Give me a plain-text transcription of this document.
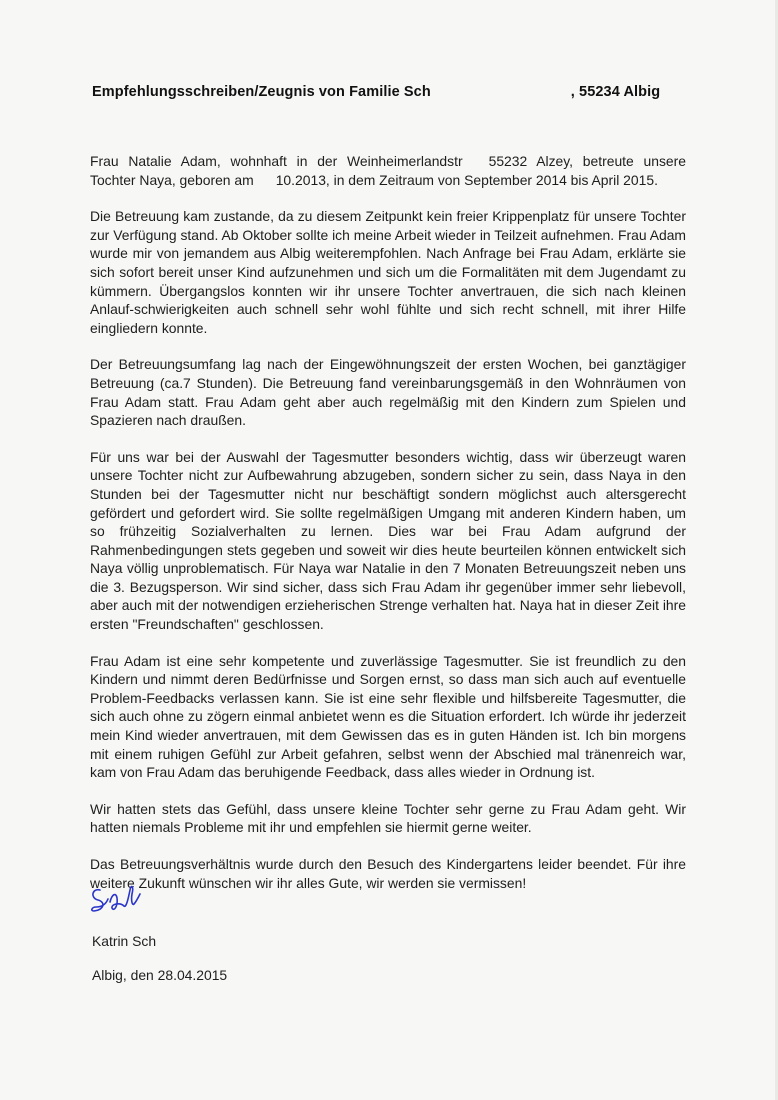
Empfehlungsschreiben/Zeugnis von Familie Sch	, 55234 Albig

Frau Natalie Adam, wohnhaft in der Weinheimerlandstr 55232 Alzey, betreute unsere
Tochter Naya, geboren am 10.2013, in dem Zeitraum von September 2014 bis April 2015.

Die Betreuung kam zustande, da zu diesem Zeitpunkt kein freier Krippenplatz für unsere Tochter zur Verfügung stand. Ab Oktober sollte ich meine Arbeit wieder in Teilzeit aufnehmen. Frau Adam wurde mir von jemandem aus Albig weiterempfohlen. Nach Anfrage bei Frau Adam, erklärte sie sich sofort bereit unser Kind aufzunehmen und sich um die Formalitäten mit dem Jugendamt zu kümmern. Übergangslos konnten wir ihr unsere Tochter anvertrauen, die sich nach kleinen Anlauf-schwierigkeiten auch schnell sehr wohl fühlte und sich recht schnell, mit ihrer Hilfe eingliedern konnte.

Der Betreuungsumfang lag nach der Eingewöhnungszeit der ersten Wochen, bei ganztägiger Betreuung (ca.7 Stunden). Die Betreuung fand vereinbarungsgemäß in den Wohnräumen von Frau Adam statt. Frau Adam geht aber auch regelmäßig mit den Kindern zum Spielen und Spazieren nach draußen.

Für uns war bei der Auswahl der Tagesmutter besonders wichtig, dass wir überzeugt waren unsere Tochter nicht zur Aufbewahrung abzugeben, sondern sicher zu sein, dass Naya in den Stunden bei der Tagesmutter nicht nur beschäftigt sondern möglichst auch altersgerecht gefördert und gefordert wird. Sie sollte regelmäßigen Umgang mit anderen Kindern haben, um so frühzeitig Sozialverhalten zu lernen. Dies war bei Frau Adam aufgrund der Rahmenbedingungen stets gegeben und soweit wir dies heute beurteilen können entwickelt sich Naya völlig unproblematisch. Für Naya war Natalie in den 7 Monaten Betreuungszeit neben uns die 3. Bezugsperson. Wir sind sicher, dass sich Frau Adam ihr gegenüber immer sehr liebevoll, aber auch mit der notwendigen erzieherischen Strenge verhalten hat. Naya hat in dieser Zeit ihre ersten "Freundschaften" geschlossen.

Frau Adam ist eine sehr kompetente und zuverlässige Tagesmutter. Sie ist freundlich zu den Kindern und nimmt deren Bedürfnisse und Sorgen ernst, so dass man sich auch auf eventuelle Problem-Feedbacks verlassen kann. Sie ist eine sehr flexible und hilfsbereite Tagesmutter, die sich auch ohne zu zögern einmal anbietet wenn es die Situation erfordert. Ich würde ihr jederzeit mein Kind wieder anvertrauen, mit dem Gewissen das es in guten Händen ist. Ich bin morgens mit einem ruhigen Gefühl zur Arbeit gefahren, selbst wenn der Abschied mal tränenreich war, kam von Frau Adam das beruhigende Feedback, dass alles wieder in Ordnung ist.

Wir hatten stets das Gefühl, dass unsere kleine Tochter sehr gerne zu Frau Adam geht. Wir hatten niemals Probleme mit ihr und empfehlen sie hiermit gerne weiter.

Das Betreuungsverhältnis wurde durch den Besuch des Kindergartens leider beendet. Für ihre weitere Zukunft wünschen wir ihr alles Gute, wir werden sie vermissen!

Katrin Sch
Albig, den 28.04.2015
